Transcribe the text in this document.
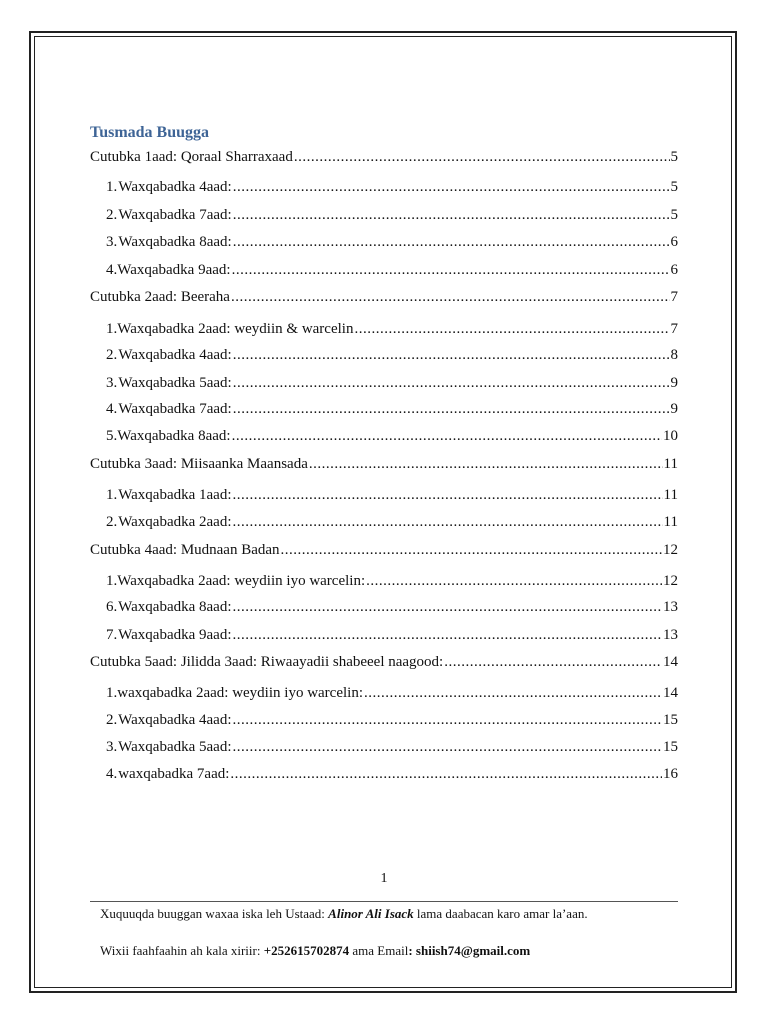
Tusmada Buugga
Cutubka 1aad: Qoraal Sharraxaad .....	5
1. Waxqabadka 4aad: .....	5
2. Waxqabadka 7aad: .....	5
3. Waxqabadka 8aad: .....	6
4. Waxqabadka 9aad: .....	6
Cutubka 2aad: Beeraha .....	7
1. Waxqabadka 2aad: weydiin & warcelin .....	7
2. Waxqabadka 4aad: .....	8
3. Waxqabadka 5aad: .....	9
4. Waxqabadka 7aad: .....	9
5. Waxqabadka 8aad: .....	10
Cutubka 3aad: Miisaanka Maansada .....	11
1. Waxqabadka 1aad: .....	11
2. Waxqabadka 2aad: .....	11
Cutubka 4aad: Mudnaan Badan .....	12
1. Waxqabadka 2aad: weydiin iyo warcelin: .....	12
6. Waxqabadka 8aad: .....	13
7. Waxqabadka 9aad: .....	13
Cutubka 5aad: Jilidda 3aad: Riwaayadii shabeeel naagood: .....	14
1. waxqabadka 2aad: weydiin iyo warcelin: .....	14
2. Waxqabadka 4aad: .....	15
3. Waxqabadka 5aad: .....	15
4. waxqabadka 7aad: .....	16
1
Xuquuqda buuggan waxaa iska leh Ustaad: Alinor Ali Isack lama daabacan karo amar la’aan.
Wixii faahfaahin ah kala xiriir: +252615702874 ama Email: shiish74@gmail.com
